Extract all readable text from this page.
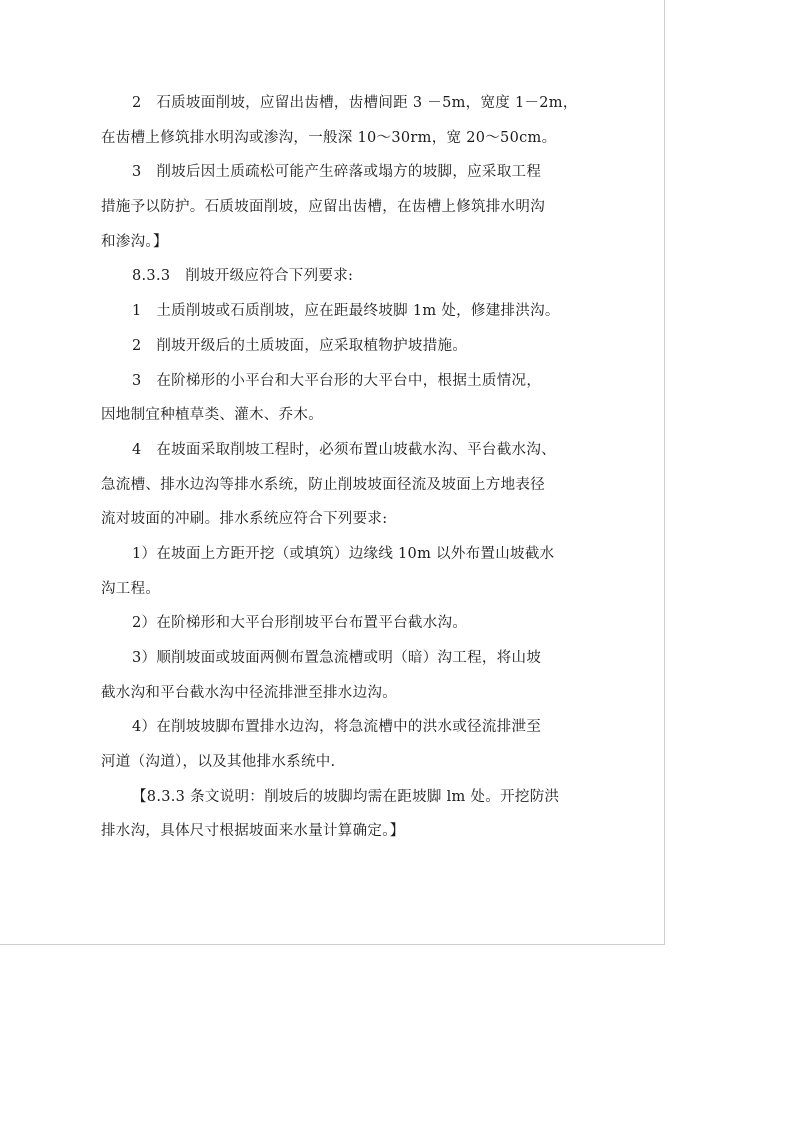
2　石质坡面削坡，应留出齿槽，齿槽间距 3 －5m，宽度 1－2m，
在齿槽上修筑排水明沟或渗沟，一般深 10～30rm，宽 20～50cm。
3　削坡后因土质疏松可能产生碎落或塌方的坡脚，应采取工程
措施予以防护。石质坡面削坡，应留出齿槽，在齿槽上修筑排水明沟
和渗沟。】
8.3.3　削坡开级应符合下列要求:
1　土质削坡或石质削坡，应在距最终坡脚 1m 处，修建排洪沟。
2　削坡开级后的土质坡面，应采取植物护坡措施。
3　在阶梯形的小平台和大平台形的大平台中，根据土质情况，
因地制宜种植草类、灌木、乔木。
4　在坡面采取削坡工程时，必须布置山坡截水沟、平台截水沟、
急流槽、排水边沟等排水系统，防止削坡坡面径流及坡面上方地表径
流对坡面的冲刷。排水系统应符合下列要求:
1）在坡面上方距开挖（或填筑）边缘线 10m 以外布置山坡截水
沟工程。
2）在阶梯形和大平台形削坡平台布置平台截水沟。
3）顺削坡面或坡面两侧布置急流槽或明（暗）沟工程，将山坡
截水沟和平台截水沟中径流排泄至排水边沟。
4）在削坡坡脚布置排水边沟，将急流槽中的洪水或径流排泄至
河道（沟道），以及其他排水系统中.
【8.3.3 条文说明：削坡后的坡脚均需在距坡脚 lm 处。开挖防洪
排水沟，具体尺寸根据坡面来水量计算确定。】
